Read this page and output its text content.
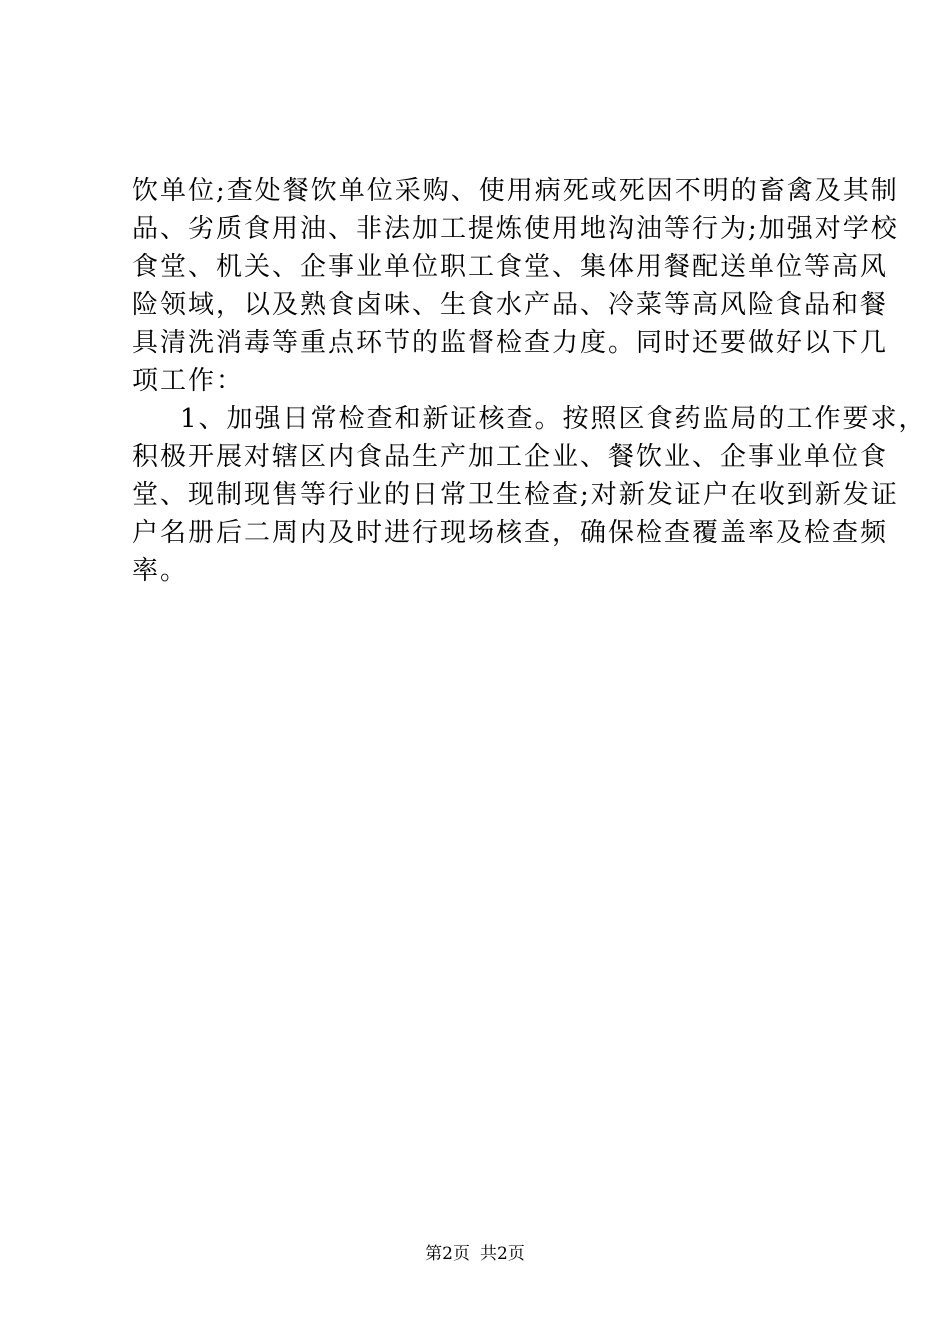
饮单位;查处餐饮单位采购、使用病死或死因不明的畜禽及其制
品、劣质食用油、非法加工提炼使用地沟油等行为;加强对学校
食堂、机关、企事业单位职工食堂、集体用餐配送单位等高风
险领域，以及熟食卤味、生食水产品、冷菜等高风险食品和餐
具清洗消毒等重点环节的监督检查力度。同时还要做好以下几
项工作：
1、加强日常检查和新证核查。按照区食药监局的工作要求，
积极开展对辖区内食品生产加工企业、餐饮业、企事业单位食
堂、现制现售等行业的日常卫生检查;对新发证户在收到新发证
户名册后二周内及时进行现场核查，确保检查覆盖率及检查频
率。
第2页 共2页
